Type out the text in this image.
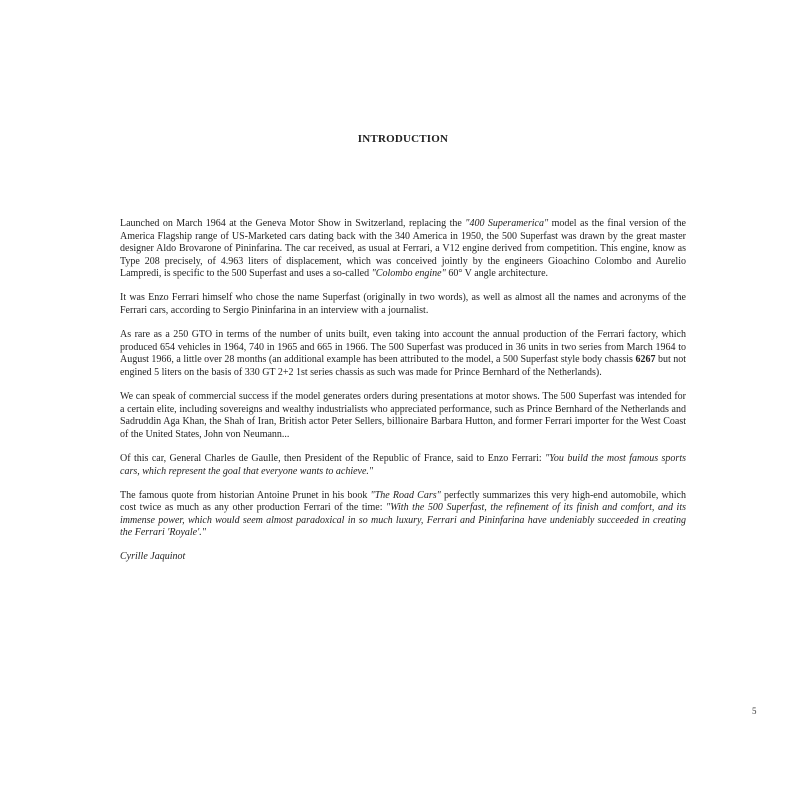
INTRODUCTION

Launched on March 1964 at the Geneva Motor Show in Switzerland, replacing the "400 Superamerica" model as the final version of the America Flagship range of US-Marketed cars dating back with the 340 America in 1950, the 500 Superfast was drawn by the great master designer Aldo Brovarone of Pininfarina. The car received, as usual at Ferrari, a V12 engine derived from competition. This engine, know as Type 208 precisely, of 4.963 liters of displacement, which was conceived jointly by the engineers Gioachino Colombo and Aurelio Lampredi, is specific to the 500 Superfast and uses a so-called "Colombo engine" 60° V angle architecture.

It was Enzo Ferrari himself who chose the name Superfast (originally in two words), as well as almost all the names and acronyms of the Ferrari cars, according to Sergio Pininfarina in an interview with a journalist.

As rare as a 250 GTO in terms of the number of units built, even taking into account the annual production of the Ferrari factory, which produced 654 vehicles in 1964, 740 in 1965 and 665 in 1966. The 500 Superfast was produced in 36 units in two series from March 1964 to August 1966, a little over 28 months (an additional example has been attributed to the model, a 500 Superfast style body chassis 6267 but not engined 5 liters on the basis of 330 GT 2+2 1st series chassis as such was made for Prince Bernhard of the Netherlands).

We can speak of commercial success if the model generates orders during presentations at motor shows. The 500 Superfast was intended for a certain elite, including sovereigns and wealthy industrialists who appreciated performance, such as Prince Bernhard of the Netherlands and Sadruddin Aga Khan, the Shah of Iran, British actor Peter Sellers, billionaire Barbara Hutton, and former Ferrari importer for the West Coast of the United States, John von Neumann...

Of this car, General Charles de Gaulle, then President of the Republic of France, said to Enzo Ferrari: "You build the most famous sports cars, which represent the goal that everyone wants to achieve."

The famous quote from historian Antoine Prunet in his book "The Road Cars" perfectly summarizes this very high-end automobile, which cost twice as much as any other production Ferrari of the time: "With the 500 Superfast, the refinement of its finish and comfort, and its immense power, which would seem almost paradoxical in so much luxury, Ferrari and Pininfarina have undeniably succeeded in creating the Ferrari 'Royale'."

Cyrille Jaquinot

5
